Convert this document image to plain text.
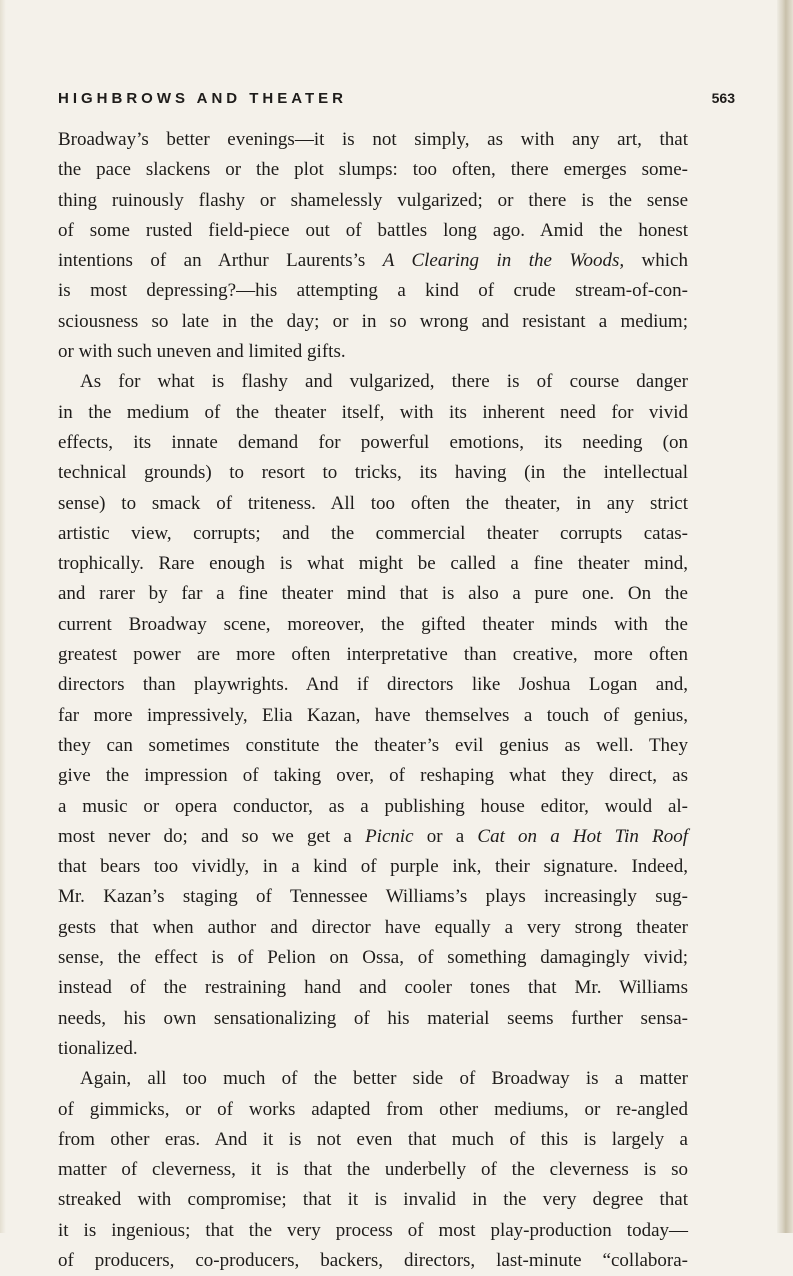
HIGHBROWS AND THEATER	563
Broadway’s better evenings—it is not simply, as with any art, that
the pace slackens or the plot slumps: too often, there emerges some-
thing ruinously flashy or shamelessly vulgarized; or there is the sense
of some rusted field-piece out of battles long ago. Amid the honest
intentions of an Arthur Laurents’s A Clearing in the Woods, which
is most depressing?—his attempting a kind of crude stream-of-con-
sciousness so late in the day; or in so wrong and resistant a medium;
or with such uneven and limited gifts.
As for what is flashy and vulgarized, there is of course danger
in the medium of the theater itself, with its inherent need for vivid
effects, its innate demand for powerful emotions, its needing (on
technical grounds) to resort to tricks, its having (in the intellectual
sense) to smack of triteness. All too often the theater, in any strict
artistic view, corrupts; and the commercial theater corrupts catas-
trophically. Rare enough is what might be called a fine theater mind,
and rarer by far a fine theater mind that is also a pure one. On the
current Broadway scene, moreover, the gifted theater minds with the
greatest power are more often interpretative than creative, more often
directors than playwrights. And if directors like Joshua Logan and,
far more impressively, Elia Kazan, have themselves a touch of genius,
they can sometimes constitute the theater’s evil genius as well. They
give the impression of taking over, of reshaping what they direct, as
a music or opera conductor, as a publishing house editor, would al-
most never do; and so we get a Picnic or a Cat on a Hot Tin Roof
that bears too vividly, in a kind of purple ink, their signature. Indeed,
Mr. Kazan’s staging of Tennessee Williams’s plays increasingly sug-
gests that when author and director have equally a very strong theater
sense, the effect is of Pelion on Ossa, of something damagingly vivid;
instead of the restraining hand and cooler tones that Mr. Williams
needs, his own sensationalizing of his material seems further sensa-
tionalized.
Again, all too much of the better side of Broadway is a matter
of gimmicks, or of works adapted from other mediums, or re-angled
from other eras. And it is not even that much of this is largely a
matter of cleverness, it is that the underbelly of the cleverness is so
streaked with compromise; that it is invalid in the very degree that
it is ingenious; that the very process of most play-production today—
of producers, co-producers, backers, directors, last-minute “collabora-
